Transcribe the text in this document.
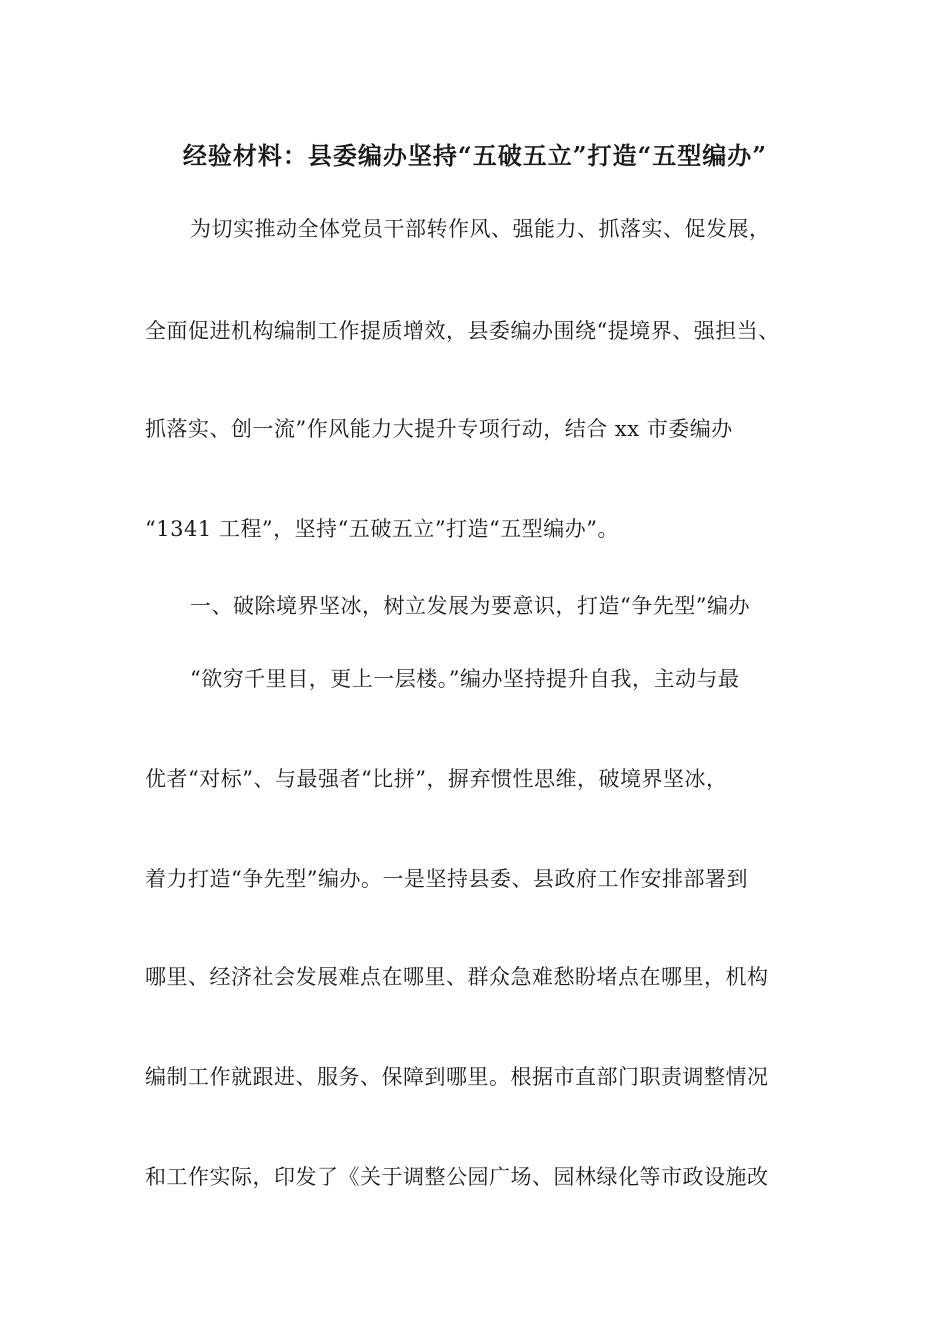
经验材料：县委编办坚持“五破五立”打造“五型编办”
为切实推动全体党员干部转作风、强能力、抓落实、促发展，
全面促进机构编制工作提质增效，县委编办围绕“提境界、强担当、
抓落实、创一流”作风能力大提升专项行动，结合 xx 市委编办
“1341 工程”，坚持“五破五立”打造“五型编办”。
一、破除境界坚冰，树立发展为要意识，打造“争先型”编办
“欲穷千里目，更上一层楼。”编办坚持提升自我，主动与最
优者“对标”、与最强者“比拼”，摒弃惯性思维，破境界坚冰，
着力打造“争先型”编办。一是坚持县委、县政府工作安排部署到
哪里、经济社会发展难点在哪里、群众急难愁盼堵点在哪里，机构
编制工作就跟进、服务、保障到哪里。根据市直部门职责调整情况
和工作实际，印发了《关于调整公园广场、园林绿化等市政设施改
